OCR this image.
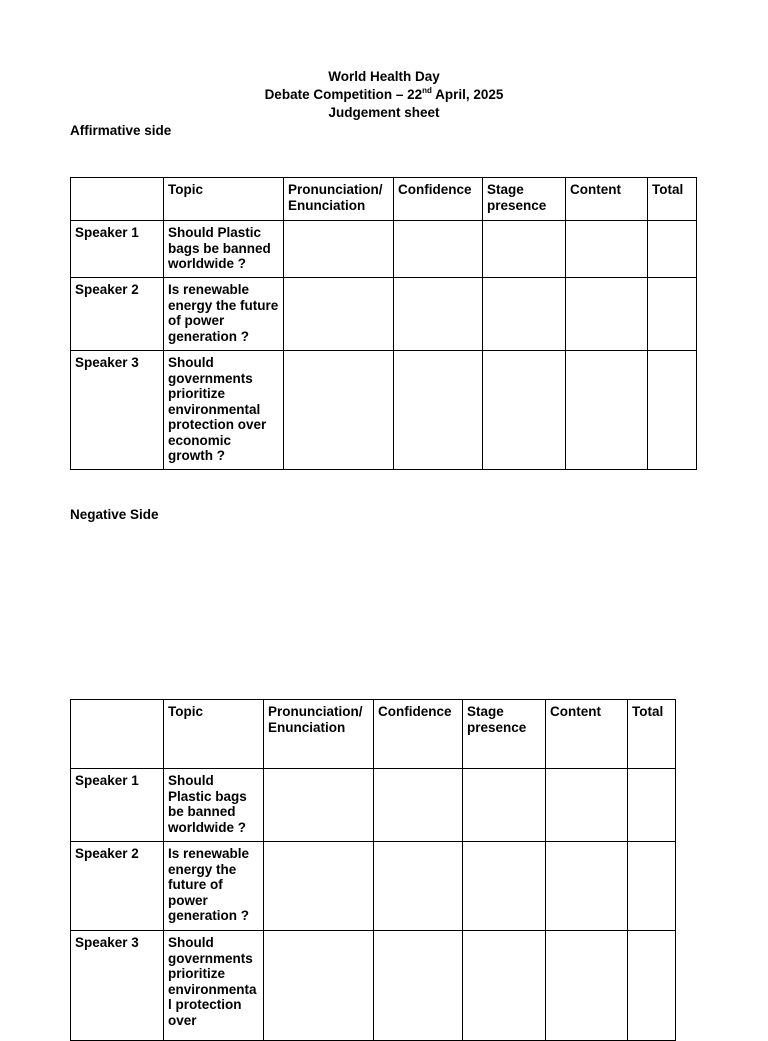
World Health Day
Debate Competition – 22nd April, 2025
Judgement sheet
Affirmative side
	Topic	Pronunciation/ Enunciation	Confidence	Stage presence	Content	Total
Speaker 1	Should Plastic bags be banned worldwide ?					
Speaker 2	Is renewable energy the future of power generation ?					
Speaker 3	Should governments prioritize environmental protection over economic growth ?					
Negative Side
	Topic	Pronunciation/ Enunciation	Confidence	Stage presence	Content	Total
Speaker 1	Should Plastic bags be banned worldwide ?					
Speaker 2	Is renewable energy the future of power generation ?					
Speaker 3	Should governments prioritize environmenta l protection over					
